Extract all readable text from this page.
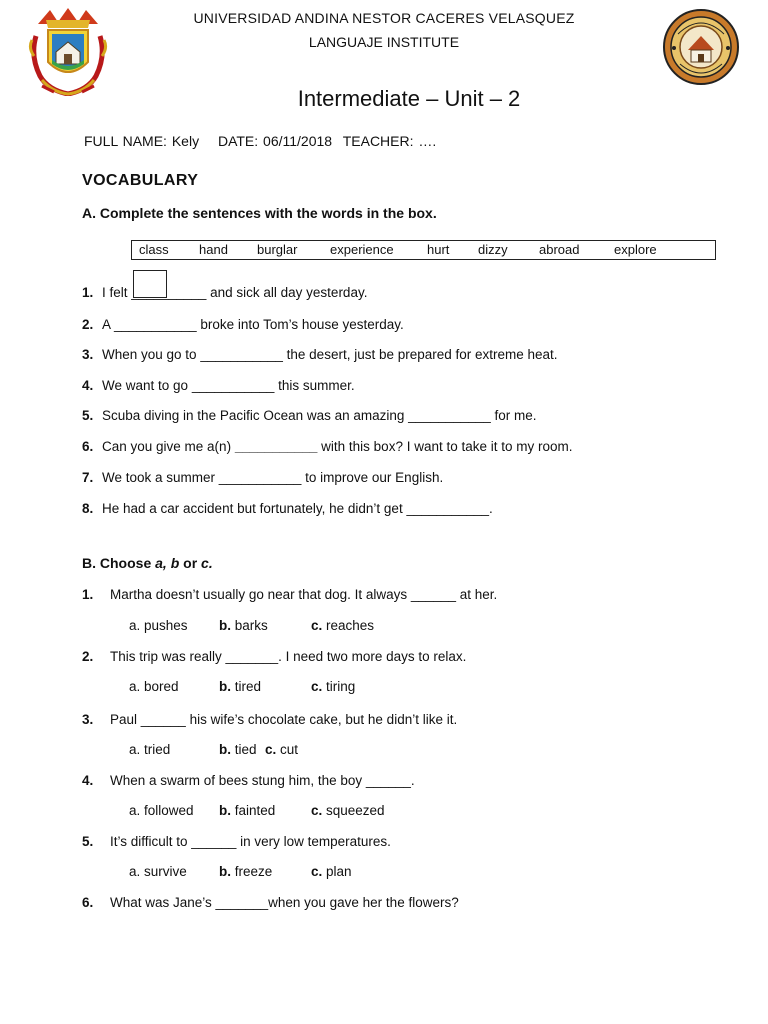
UNIVERSIDAD ANDINA NESTOR CACERES VELASQUEZ
LANGUAJE INSTITUTE
Intermediate – Unit – 2
FULL NAME: Kely DATE: 06/11/2018 TEACHER: ….
VOCABULARY
A. Complete the sentences with the words in the box.
class hand burglar	experience	hurt dizzy abroad	explore
1. I felt __________ and sick all day yesterday.
2. A ___________ broke into Tom’s house yesterday.
3. When you go to ___________ the desert, just be prepared for extreme heat.
4. We want to go ___________ this summer.
5. Scuba diving in the Pacific Ocean was an amazing ___________ for me.
6. Can you give me a(n) ___________ with this box? I want to take it to my room.
7. We took a summer ___________ to improve our English.
8. He had a car accident but fortunately, he didn’t get ___________.
B. Choose a, b or c.
1. Martha doesn’t usually go near that dog. It always ______ at her.
a. pushes b. barks	c. reaches
2. This trip was really _______. I need two more days to relax.
a. bored	b. tired	c. tiring
3. Paul ______ his wife’s chocolate cake, but he didn’t like it.
a. tried	b. tied c. cut
4. When a swarm of bees stung him, the boy ______.
a. followed b. fainted	c. squeezed
5. It’s difficult to ______ in very low temperatures.
a. survive b. freeze	c. plan
6. What was Jane’s _______when you gave her the flowers?
